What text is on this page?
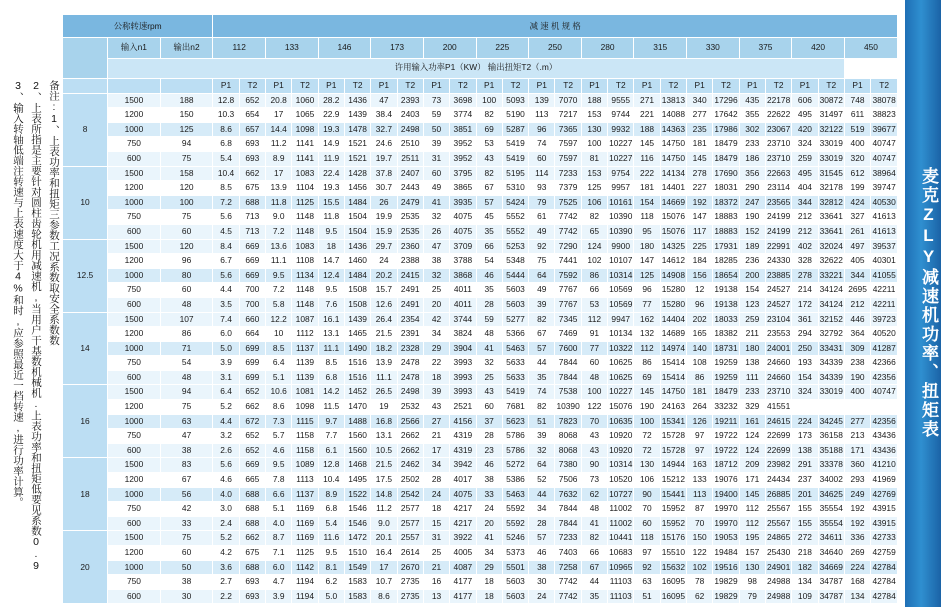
备注:1、上表功率和扭矩三参数工况系数取安全系数数
2、上表所指是主要针对圆柱齿轮机用减速机,当用户干基数机械机.上表功率和扭矩低要见系数0.9
3、输入转轴低端注转速与上表速度大于4%和时,应参照最近一档转速,进行功率计算。
公称转速rpm			减 速 机 规 格																									
	输入n1	输出n2	112		133		146		173		200		225		250		280		315		330		375		420		450	
	许用输入功率P1（KW） 输出扭矩T2（.m）																											
			P1	T2	P1	T2	P1	T2	P1	T2	P1	T2	P1	T2	P1	T2	P1	T2	P1	T2	P1	T2	P1	T2	P1	T2	P1	T2
8	1500	188	12.8	652	20.8	1060	28.2	1436	47	2393	73	3698	100	5093	139	7070	188	9555	271	13813	340	17296	435	22178	606	30872	748	38078
	1200	150	10.3	654	17	1065	22.9	1439	38.4	2403	59	3774	82	5190	113	7217	153	9744	221	14088	277	17642	355	22622	495	31497	611	38823
	1000	125	8.6	657	14.4	1098	19.3	1478	32.7	2498	50	3851	69	5287	96	7365	130	9932	188	14363	235	17986	302	23067	420	32122	519	39677
	750	94	6.8	693	11.2	1141	14.9	1521	24.6	2510	39	3952	53	5419	74	7597	100	10227	145	14750	181	18479	233	23710	324	33019	400	40747
	600	75	5.4	693	8.9	1141	11.9	1521	19.7	2511	31	3952	43	5419	60	7597	81	10227	116	14750	145	18479	186	23710	259	33019	320	40747
10	1500	158	10.4	662	17	1083	22.4	1428	37.8	2407	60	3795	82	5195	114	7233	153	9754	222	14134	278	17690	356	22663	495	31545	612	38964
	1200	120	8.5	675	13.9	1104	19.3	1456	30.7	2443	49	3865	67	5310	93	7379	125	9957	181	14401	227	18031	290	23114	404	32178	199	39747
	1000	100	7.2	688	11.8	1125	15.5	1484	26	2479	41	3935	57	5424	79	7525	106	10161	154	14669	192	18372	247	23565	344	32812	424	40530
	750	75	5.6	713	9.0	1148	11.8	1504	19.9	2535	32	4075	45	5552	61	7742	82	10390	118	15076	147	18883	190	24199	212	33641	327	41613
	600	60	4.5	713	7.2	1148	9.5	1504	15.9	2535	26	4075	35	5552	49	7742	65	10390	95	15076	117	18883	152	24199	212	33641	261	41613
12.5	1500	120	8.4	669	13.6	1083	18	1436	29.7	2360	47	3709	66	5253	92	7290	124	9900	180	14325	225	17931	189	22991	402	32024	497	39537
	1200	96	6.7	669	11.1	1108	14.7	1460	24	2388	38	3788	54	5348	75	7441	102	10107	147	14612	184	18285	236	24330	328	32622	405	40301
	1000	80	5.6	669	9.5	1134	12.4	1484	20.2	2415	32	3868	46	5444	64	7592	86	10314	125	14908	156	18654	200	23885	278	33221	344	41055
	750	60	4.4	700	7.2	1148	9.5	1508	15.7	2491	25	4011	35	5603	49	7767	66	10569	96	15280	12	19138	154	24527	214	34124	2695	42211
	600	48	3.5	700	5.8	1148	7.6	1508	12.6	2491	20	4011	28	5603	39	7767	53	10569	77	15280	96	19138	123	24527	172	34124	212	42211
14	1500	107	7.4	660	12.2	1087	16.1	1439	26.4	2354	42	3744	59	5277	82	7345	112	9947	162	14404	202	18033	259	23104	361	32152	446	39723
	1200	86	6.0	664	10	1112	13.1	1465	21.5	2391	34	3824	48	5366	67	7469	91	10134	132	14689	165	18382	211	23553	294	32792	364	40520
	1000	71	5.0	699	8.5	1137	11.1	1490	18.2	2328	29	3904	41	5463	57	7600	77	10322	112	14974	140	18731	180	24001	250	33431	309	41287
	750	54	3.9	699	6.4	1139	8.5	1516	13.9	2478	22	3993	32	5633	44	7844	60	10625	86	15414	108	19259	138	24660	193	34339	238	42366
	600	48	3.1	699	5.1	1139	6.8	1516	11.1	2478	18	3993	25	5633	35	7844	48	10625	69	15414	86	19259	111	24660	154	34339	190	42356
16	1500	94	6.4	652	10.6	1081	14.2	1452	26.5	2498	39	3993	43	5419	74	7538	100	10227	145	14750	181	18479	233	23710	324	33019	400	40747
	1200	75	5.2	662	8.6	1098	11.5	1470	19	2532	43	2521	60	7681	82	10390	122	15076	190	24163	264	33232	329	41551				
	1000	63	4.4	672	7.3	1115	9.7	1488	16.8	2566	27	4156	37	5623	51	7823	70	10635	100	15341	126	19211	161	24615	224	34245	277	42356
	750	47	3.2	652	5.7	1158	7.7	1560	13.1	2662	21	4319	28	5786	39	8068	43	10920	72	15728	97	19722	124	22699	173	36158	213	43436
	600	38	2.6	652	4.6	1158	6.1	1560	10.5	2662	17	4319	23	5786	32	8068	43	10920	72	15728	97	19722	124	22699	138	35188	171	43436
18	1500	83	5.6	669	9.5	1089	12.8	1468	21.5	2462	34	3942	46	5272	64	7380	90	10314	130	14944	163	18712	209	23982	291	33378	360	41210
	1200	67	4.6	665	7.8	1113	10.4	1495	17.5	2502	28	4017	38	5386	52	7506	73	10520	106	15212	133	19076	171	24434	237	34002	293	41969
	1000	56	4.0	688	6.6	1137	8.9	1522	14.8	2542	24	4075	33	5463	44	7632	62	10727	90	15441	113	19400	145	26885	201	34625	249	42769
	750	42	3.0	688	5.1	1169	6.8	1546	11.2	2577	18	4217	24	5592	34	7844	48	11002	70	15952	87	19970	112	25567	155	35554	192	43915
	600	33	2.4	688	4.0	1169	5.4	1546	9.0	2577	15	4217	20	5592	28	7844	41	11002	60	15952	70	19970	112	25567	155	35554	192	43915
20	1500	75	5.2	662	8.7	1169	11.6	1472	20.1	2557	31	3922	41	5246	57	7233	82	10441	118	15176	150	19053	195	24865	272	34611	336	42733
	1200	60	4.2	675	7.1	1125	9.5	1510	16.4	2614	25	4005	34	5373	46	7403	66	10683	97	15510	122	19484	157	25430	218	34640	269	42759
	1000	50	3.6	688	6.0	1142	8.1	1549	17	2670	21	4087	29	5501	38	7258	67	10965	92	15632	102	19516	130	24901	182	34669	224	42784
	750	38	2.7	693	4.7	1194	6.2	1583	10.7	2735	16	4177	18	5603	30	7742	44	11103	63	16095	78	19829	98	24988	134	34787	168	42784
	600	30	2.2	693	3.9	1194	5.0	1583	8.6	2735	13	4177	18	5603	24	7742	35	11103	51	16095	62	19829	79	24988	109	34787	134	42784
麦克ZLY减速机功率、扭矩表
